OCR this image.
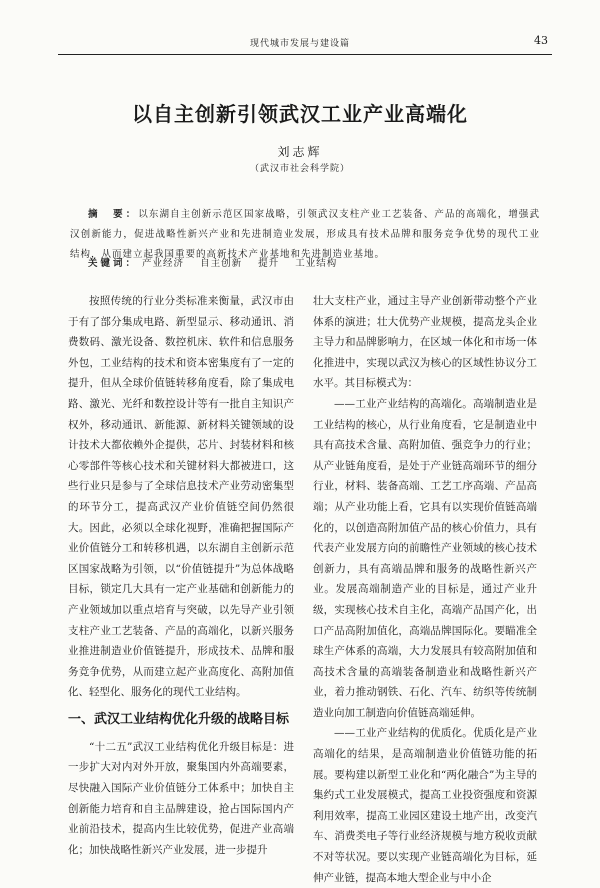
现代城市发展与建设篇	43
以自主创新引领武汉工业产业高端化
刘志辉
（武汉市社会科学院）
摘　要：以东湖自主创新示范区国家战略，引领武汉支柱产业工艺装备、产品的高端化，增强武汉创新能力，促进战略性新兴产业和先进制造业发展，形成具有技术品牌和服务竞争优势的现代工业结构，从而建立起我国重要的高新技术产业基地和先进制造业基地。
关键词： 产业经济 自主创新 提升 工业结构

按照传统的行业分类标准来衡量，武汉市由于有了部分集成电路、新型显示、移动通讯、消费数码、激光设备、数控机床、软件和信息服务外包，工业结构的技术和资本密集度有了一定的提升，但从全球价值链转移角度看，除了集成电路、激光、光纤和数控设计等有一批自主知识产权外，移动通讯、新能源、新材料关键领域的设计技术大都依赖外企提供，芯片、封装材料和核心零部件等核心技术和关键材料大都被进口，这些行业只是参与了全球信息技术产业劳动密集型的环节分工，提高武汉产业价值链空间仍然很大。因此，必须以全球化视野，准确把握国际产业价值链分工和转移机遇，以东湖自主创新示范区国家战略为引领，以“价值链提升”为总体战略目标，锁定几大具有一定产业基础和创新能力的产业领域加以重点培育与突破，以先导产业引领支柱产业工艺装备、产品的高端化，以新兴服务业推进制造业价值链提升，形成技术、品牌和服务竞争优势，从而建立起产业高度化、高附加值化、轻型化、服务化的现代工业结构。

一、武汉工业结构优化升级的战略目标

“十二五”武汉工业结构优化升级目标是：进一步扩大对内对外开放，聚集国内外高端要素，尽快融入国际产业价值链分工体系中；加快自主创新能力培育和自主品牌建设，抢占国际国内产业前沿技术，提高内生比较优势，促进产业高端化；加快战略性新兴产业发展，进一步提升

壮大支柱产业，通过主导产业创新带动整个产业体系的演进；壮大优势产业规模，提高龙头企业主导力和品牌影响力，在区域一体化和市场一体化推进中，实现以武汉为核心的区域性协议分工水平。其目标模式为：

——工业产业结构的高端化。高端制造业是工业结构的核心，从行业角度看，它是制造业中具有高技术含量、高附加值、强竞争力的行业；从产业链角度看，是处于产业链高端环节的细分行业，材料、装备高端、工艺工序高端、产品高端；从产业功能上看，它具有以实现价值链高端化的，以创造高附加值产品的核心价值力，具有代表产业发展方向的前瞻性产业领域的核心技术创新力，具有高端品牌和服务的战略性新兴产业。发展高端制造产业的目标是，通过产业升级，实现核心技术自主化，高端产品国产化，出口产品高附加值化，高端品牌国际化。要瞄准全球生产体系的高端，大力发展具有较高附加值和高技术含量的高端装备制造业和战略性新兴产业，着力推动钢铁、石化、汽车、纺织等传统制造业向加工制造向价值链高端延伸。

——工业产业结构的优质化。优质化是产业高端化的结果，是高端制造业价值链功能的拓展。要构建以新型工业化和“两化融合”为主导的集约式工业发展模式，提高工业投资强度和资源利用效率，提高工业园区建设土地产出，改变汽车、消费类电子等行业经济规模与地方税收贡献不对等状况。要以实现产业链高端化为目标，延伸产业链，提高本地大型企业与中小企
